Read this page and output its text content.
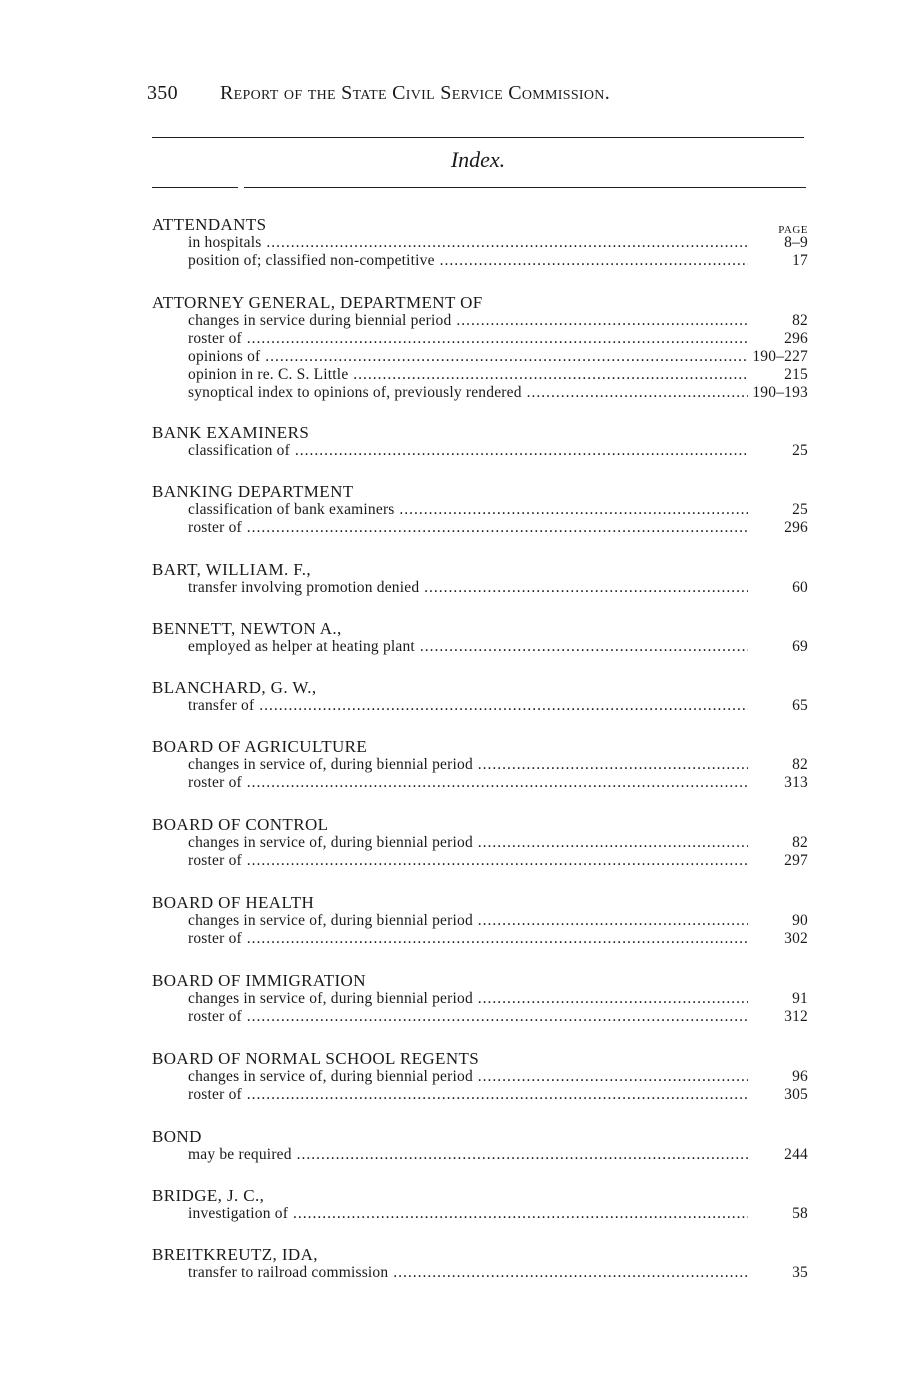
350 Report of the State Civil Service Commission.
Index.
PAGE
ATTENDANTS
in hospitals .....	8–9
position of; classified non-competitive .....	17
ATTORNEY GENERAL, DEPARTMENT OF
changes in service during biennial period .....	82
roster of .....	296
opinions of .....	190–227
opinion in re. C. S. Little .....	215
synoptical index to opinions of, previously rendered .....	190–193
BANK EXAMINERS
classification of .....	25
BANKING DEPARTMENT
classification of bank examiners .....	25
roster of .....	296
BART, WILLIAM. F.,
transfer involving promotion denied .....	60
BENNETT, NEWTON A.,
employed as helper at heating plant .....	69
BLANCHARD, G. W.,
transfer of .....	65
BOARD OF AGRICULTURE
changes in service of, during biennial period .....	82
roster of .....	313
BOARD OF CONTROL
changes in service of, during biennial period .....	82
roster of .....	297
BOARD OF HEALTH
changes in service of, during biennial period .....	90
roster of .....	302
BOARD OF IMMIGRATION
changes in service of, during biennial period .....	91
roster of .....	312
BOARD OF NORMAL SCHOOL REGENTS
changes in service of, during biennial period .....	96
roster of .....	305
BOND
may be required .....	244
BRIDGE, J. C.,
investigation of .....	58
BREITKREUTZ, IDA,
transfer to railroad commission .....	35
